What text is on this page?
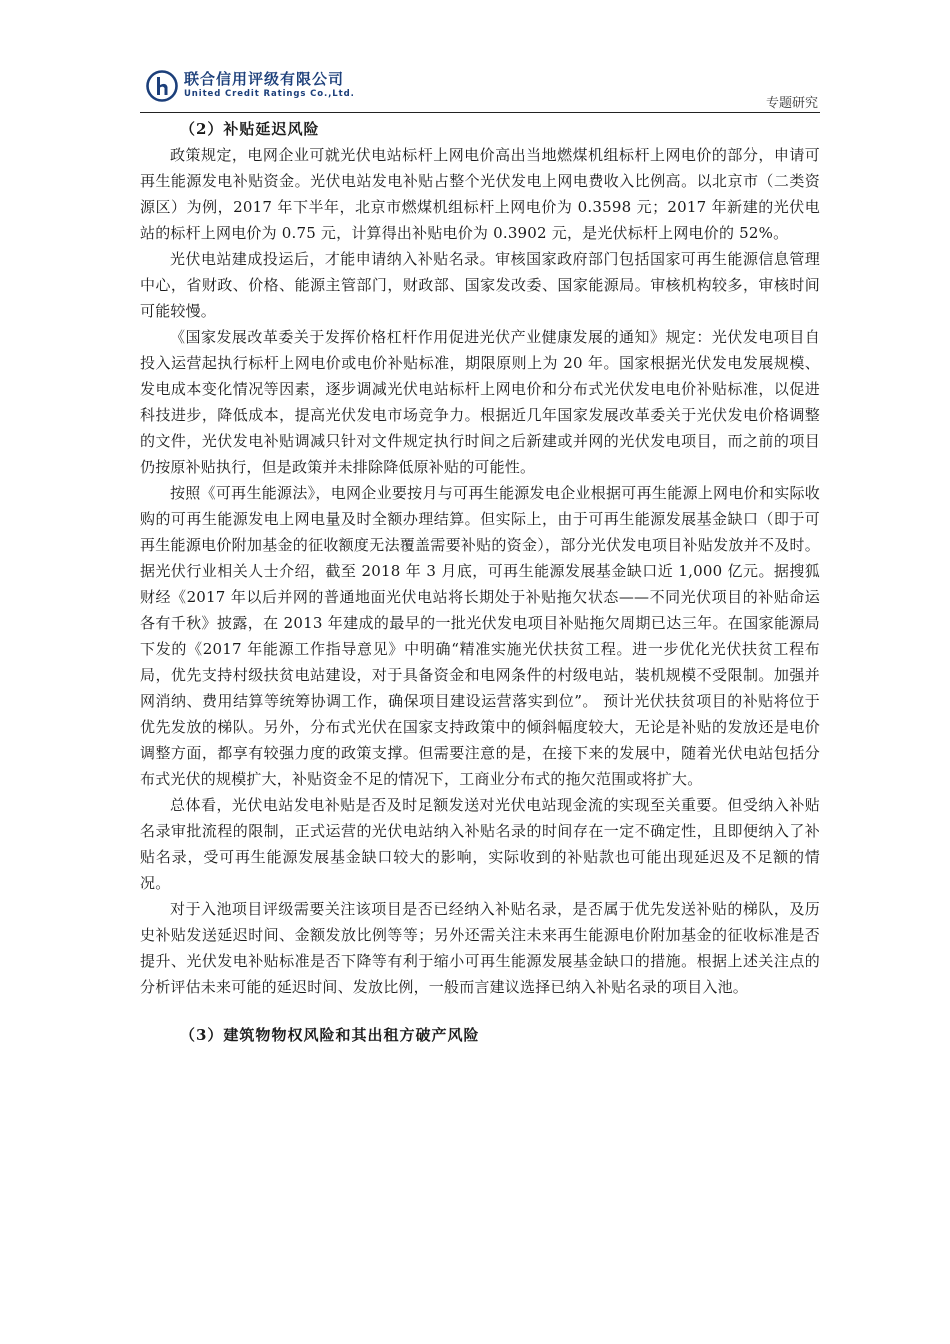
联合信用评级有限公司
United Credit Ratings Co.,Ltd.
专题研究

（2）补贴延迟风险

政策规定，电网企业可就光伏电站标杆上网电价高出当地燃煤机组标杆上网电价的部分，申请可再生能源发电补贴资金。光伏电站发电补贴占整个光伏发电上网电费收入比例高。以北京市（二类资源区）为例，2017 年下半年，北京市燃煤机组标杆上网电价为 0.3598 元；2017 年新建的光伏电站的标杆上网电价为 0.75 元，计算得出补贴电价为 0.3902 元，是光伏标杆上网电价的 52%。

光伏电站建成投运后，才能申请纳入补贴名录。审核国家政府部门包括国家可再生能源信息管理中心，省财政、价格、能源主管部门，财政部、国家发改委、国家能源局。审核机构较多，审核时间可能较慢。

《国家发展改革委关于发挥价格杠杆作用促进光伏产业健康发展的通知》规定：光伏发电项目自投入运营起执行标杆上网电价或电价补贴标准，期限原则上为 20 年。国家根据光伏发电发展规模、发电成本变化情况等因素，逐步调减光伏电站标杆上网电价和分布式光伏发电电价补贴标准，以促进科技进步，降低成本，提高光伏发电市场竞争力。根据近几年国家发展改革委关于光伏发电价格调整的文件，光伏发电补贴调减只针对文件规定执行时间之后新建或并网的光伏发电项目，而之前的项目仍按原补贴执行，但是政策并未排除降低原补贴的可能性。

按照《可再生能源法》，电网企业要按月与可再生能源发电企业根据可再生能源上网电价和实际收购的可再生能源发电上网电量及时全额办理结算。但实际上，由于可再生能源发展基金缺口（即于可再生能源电价附加基金的征收额度无法覆盖需要补贴的资金），部分光伏发电项目补贴发放并不及时。据光伏行业相关人士介绍，截至 2018 年 3 月底，可再生能源发展基金缺口近 1,000 亿元。据搜狐财经《2017 年以后并网的普通地面光伏电站将长期处于补贴拖欠状态——不同光伏项目的补贴命运各有千秋》披露，在 2013 年建成的最早的一批光伏发电项目补贴拖欠周期已达三年。在国家能源局下发的《2017 年能源工作指导意见》中明确“精准实施光伏扶贫工程。进一步优化光伏扶贫工程布局，优先支持村级扶贫电站建设，对于具备资金和电网条件的村级电站，装机规模不受限制。加强并网消纳、费用结算等统筹协调工作，确保项目建设运营落实到位”。 预计光伏扶贫项目的补贴将位于优先发放的梯队。另外，分布式光伏在国家支持政策中的倾斜幅度较大，无论是补贴的发放还是电价调整方面，都享有较强力度的政策支撑。但需要注意的是，在接下来的发展中，随着光伏电站包括分布式光伏的规模扩大，补贴资金不足的情况下，工商业分布式的拖欠范围或将扩大。

总体看，光伏电站发电补贴是否及时足额发送对光伏电站现金流的实现至关重要。但受纳入补贴名录审批流程的限制，正式运营的光伏电站纳入补贴名录的时间存在一定不确定性，且即便纳入了补贴名录，受可再生能源发展基金缺口较大的影响，实际收到的补贴款也可能出现延迟及不足额的情况。

对于入池项目评级需要关注该项目是否已经纳入补贴名录，是否属于优先发送补贴的梯队，及历史补贴发送延迟时间、金额发放比例等等；另外还需关注未来再生能源电价附加基金的征收标准是否提升、光伏发电补贴标准是否下降等有利于缩小可再生能源发展基金缺口的措施。根据上述关注点的分析评估未来可能的延迟时间、发放比例，一般而言建议选择已纳入补贴名录的项目入池。

（3）建筑物物权风险和其出租方破产风险
